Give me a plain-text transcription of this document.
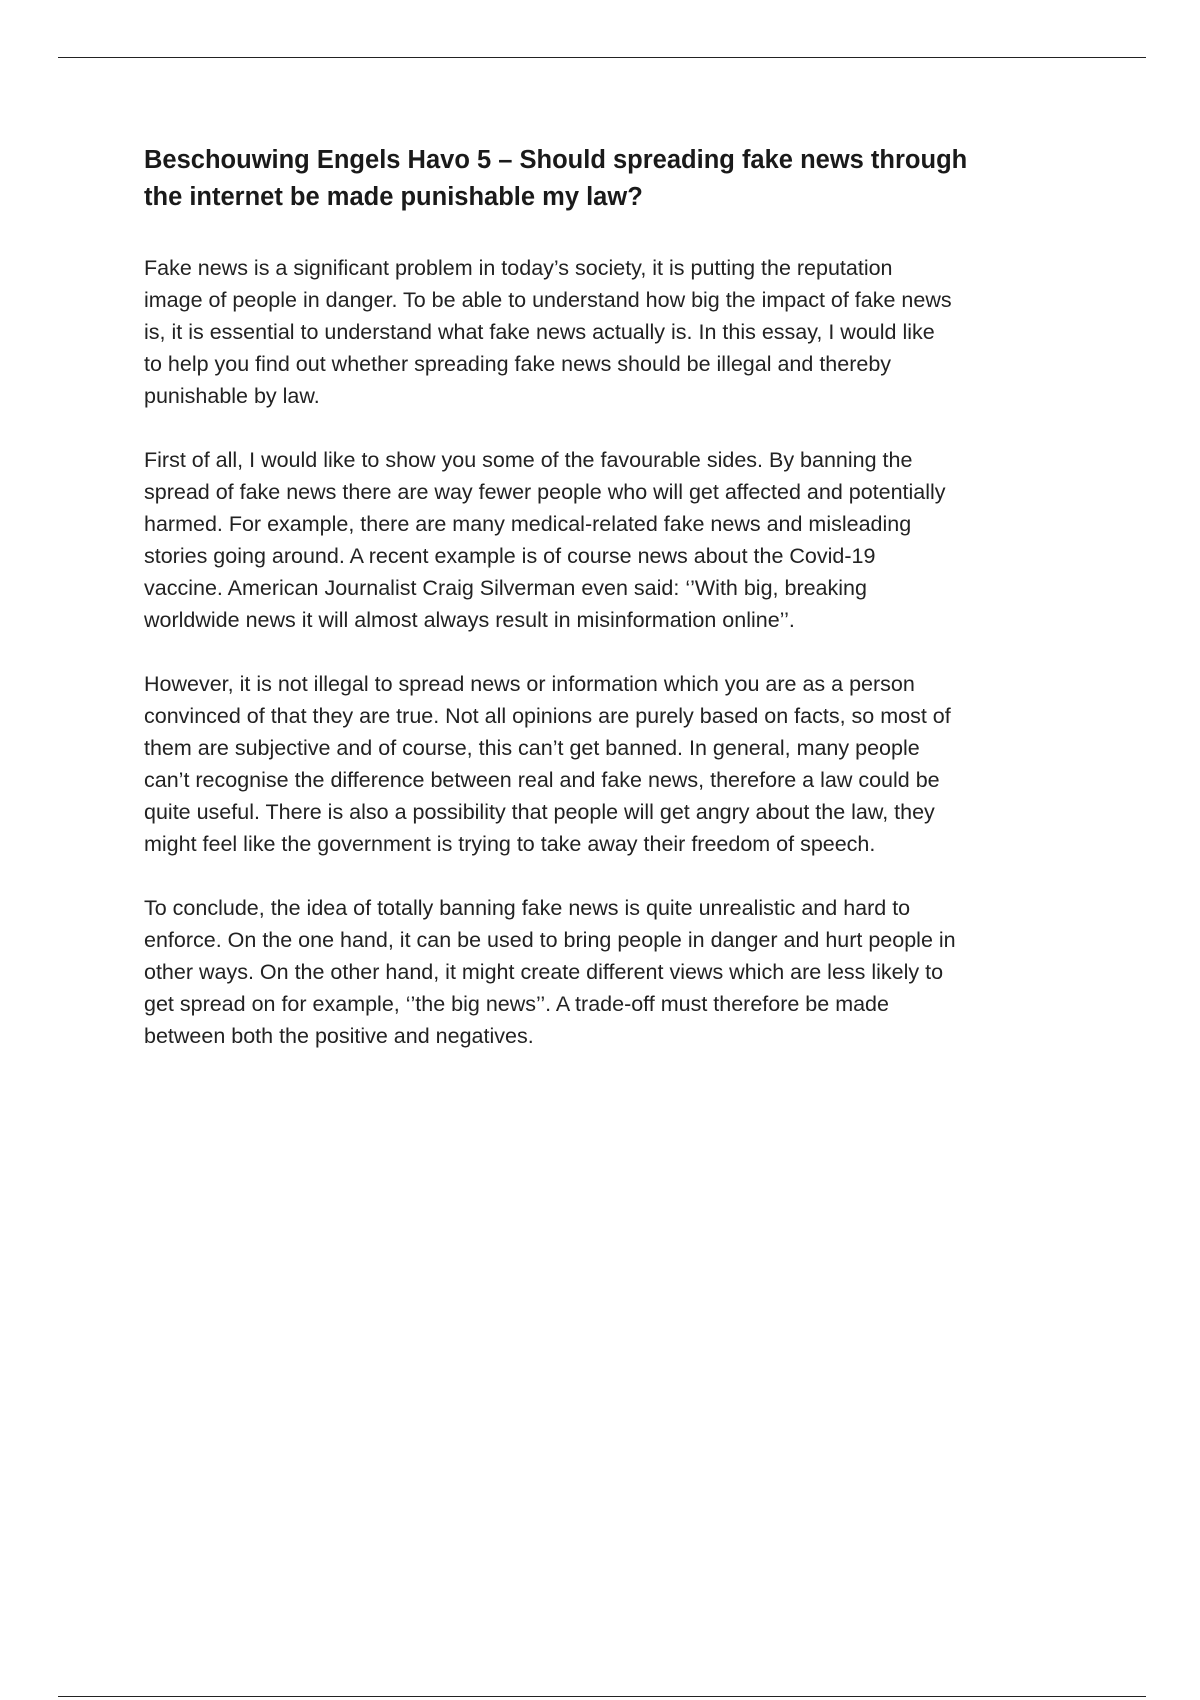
Beschouwing Engels Havo 5 – Should spreading fake news through
the internet be made punishable my law?

Fake news is a significant problem in today’s society, it is putting the reputation
image of people in danger. To be able to understand how big the impact of fake news
is, it is essential to understand what fake news actually is. In this essay, I would like
to help you find out whether spreading fake news should be illegal and thereby
punishable by law.

First of all, I would like to show you some of the favourable sides. By banning the
spread of fake news there are way fewer people who will get affected and potentially
harmed. For example, there are many medical-related fake news and misleading
stories going around. A recent example is of course news about the Covid-19
vaccine. American Journalist Craig Silverman even said: ‘’With big, breaking
worldwide news it will almost always result in misinformation online’’.

However, it is not illegal to spread news or information which you are as a person
convinced of that they are true. Not all opinions are purely based on facts, so most of
them are subjective and of course, this can’t get banned. In general, many people
can’t recognise the difference between real and fake news, therefore a law could be
quite useful. There is also a possibility that people will get angry about the law, they
might feel like the government is trying to take away their freedom of speech.

To conclude, the idea of totally banning fake news is quite unrealistic and hard to
enforce. On the one hand, it can be used to bring people in danger and hurt people in
other ways. On the other hand, it might create different views which are less likely to
get spread on for example, ‘’the big news’’. A trade-off must therefore be made
between both the positive and negatives.
